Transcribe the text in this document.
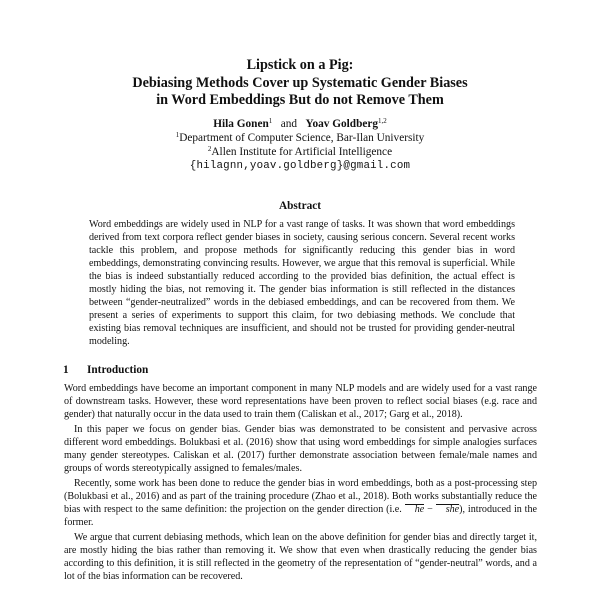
Lipstick on a Pig:
Debiasing Methods Cover up Systematic Gender Biases
in Word Embeddings But do not Remove Them
Hila Gonen$^1$ and Yoav Goldberg$^{1,2}$
$^1$Department of Computer Science, Bar-Ilan University
$^2$Allen Institute for Artificial Intelligence
{hilagnn,yoav.goldberg}@gmail.com
Abstract
Word embeddings are widely used in NLP for a vast range of tasks. It was shown that word embeddings derived from text corpora reflect gender biases in society, causing serious concern. Several recent works tackle this problem, and propose methods for significantly reducing this gender bias in word embeddings, demonstrating convincing results. However, we argue that this removal is superficial. While the bias is indeed substantially reduced according to the provided bias definition, the actual effect is mostly hiding the bias, not removing it. The gender bias information is still reflected in the distances between “gender-neutralized” words in the debiased embeddings, and can be recovered from them. We present a series of experiments to support this claim, for two debiasing methods. We conclude that existing bias removal techniques are insufficient, and should not be trusted for providing gender-neutral modeling.
1 Introduction

Word embeddings have become an important component in many NLP models and are widely used for a vast range of downstream tasks. However, these word representations have been proven to reflect social biases (e.g. race and gender) that naturally occur in the data used to train them (Caliskan et al., 2017; Garg et al., 2018).

In this paper we focus on gender bias. Gender bias was demonstrated to be consistent and pervasive across different word embeddings. Bolukbasi et al. (2016) show that using word embeddings for simple analogies surfaces many gender stereotypes. Caliskan et al. (2017) further demonstrate association between female/male names and groups of words stereotypically assigned to females/males.

Recently, some work has been done to reduce the gender bias in word embeddings, both as a post-processing step (Bolukbasi et al., 2016) and as part of the training procedure (Zhao et al., 2018). Both works substantially reduce the bias with respect to the same definition: the projection on the gender direction (i.e. he − she), introduced in the former.

We argue that current debiasing methods, which lean on the above definition for gender bias and directly target it, are mostly hiding the bias rather than removing it. We show that even when drastically reducing the gender bias according to this definition, it is still reflected in the geometry of the representation of “gender-neutral” words, and a lot of the bias information can be recovered.
